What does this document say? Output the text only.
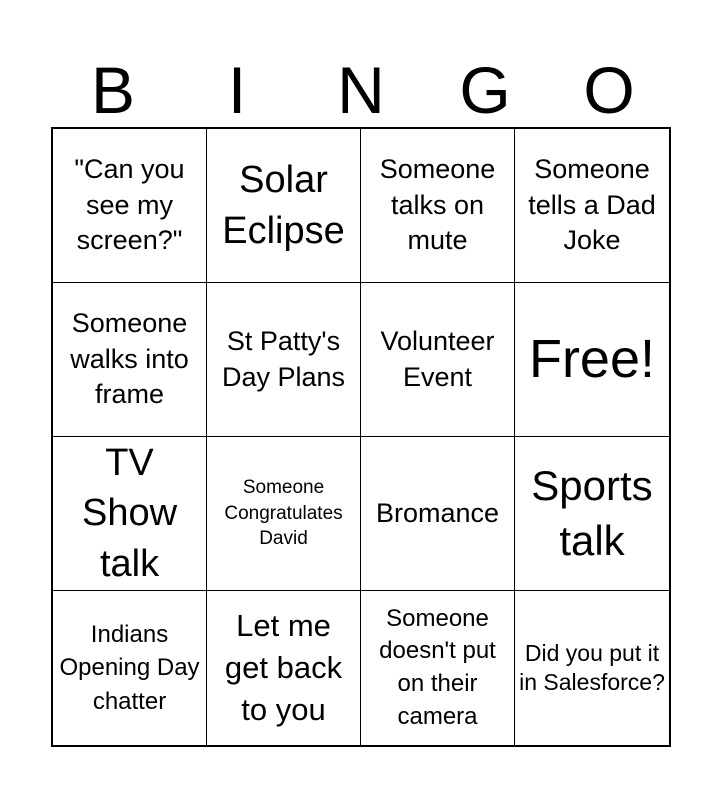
B	I	N	G	O
"Can you see my screen?"
Solar Eclipse
Someone talks on mute
Someone tells a Dad Joke
Someone walks into frame
St Patty's Day Plans
Volunteer Event	Free!
TV Show talk
Someone Congratulates David
Bromance
Sports talk
Indians Opening Day chatter
Let me get back to you
Someone doesn't put on their camera
Did you put it in Salesforce?
